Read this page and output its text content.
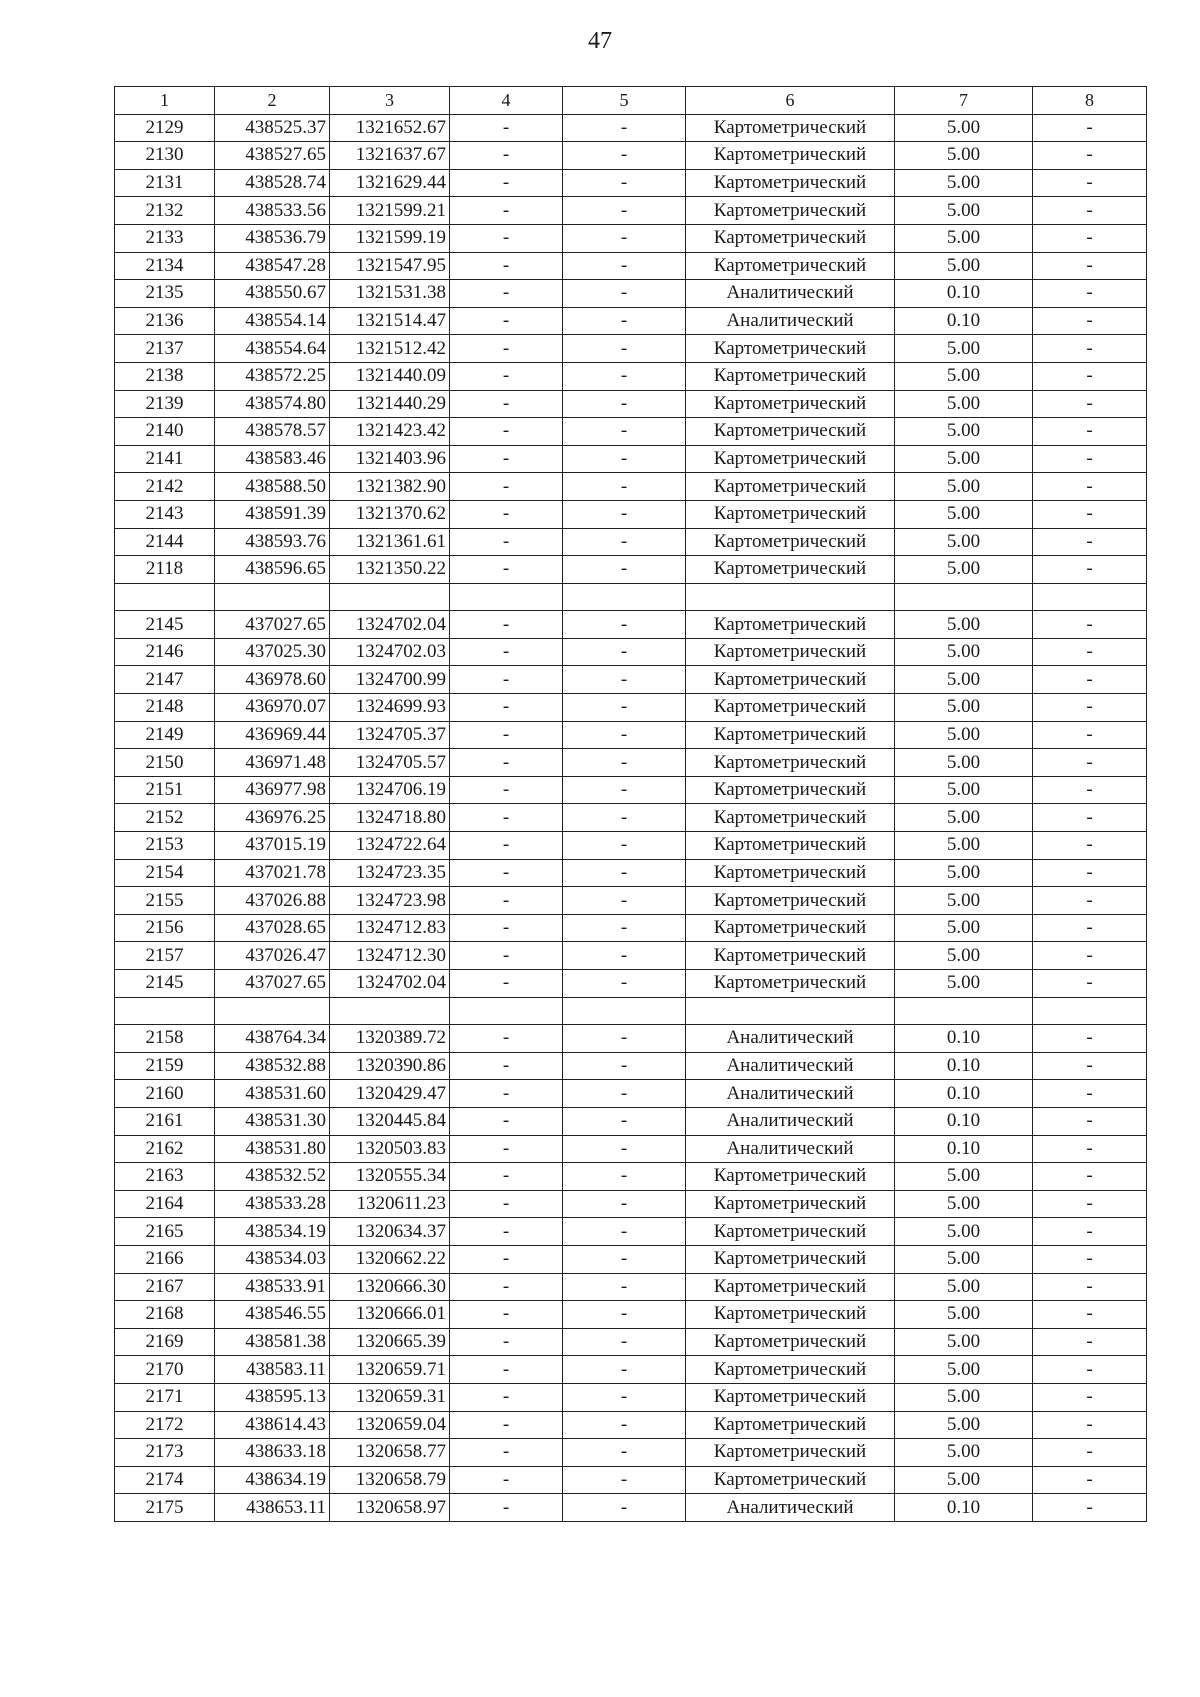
47
1	2	3	4	5	6	7	8
2129	438525.37	1321652.67	-	-	Картометрический	5.00	-
2130	438527.65	1321637.67	-	-	Картометрический	5.00	-
2131	438528.74	1321629.44	-	-	Картометрический	5.00	-
2132	438533.56	1321599.21	-	-	Картометрический	5.00	-
2133	438536.79	1321599.19	-	-	Картометрический	5.00	-
2134	438547.28	1321547.95	-	-	Картометрический	5.00	-
2135	438550.67	1321531.38	-	-	Аналитический	0.10	-
2136	438554.14	1321514.47	-	-	Аналитический	0.10	-
2137	438554.64	1321512.42	-	-	Картометрический	5.00	-
2138	438572.25	1321440.09	-	-	Картометрический	5.00	-
2139	438574.80	1321440.29	-	-	Картометрический	5.00	-
2140	438578.57	1321423.42	-	-	Картометрический	5.00	-
2141	438583.46	1321403.96	-	-	Картометрический	5.00	-
2142	438588.50	1321382.90	-	-	Картометрический	5.00	-
2143	438591.39	1321370.62	-	-	Картометрический	5.00	-
2144	438593.76	1321361.61	-	-	Картометрический	5.00	-
2118	438596.65	1321350.22	-	-	Картометрический	5.00	-

2145	437027.65	1324702.04	-	-	Картометрический	5.00	-
2146	437025.30	1324702.03	-	-	Картометрический	5.00	-
2147	436978.60	1324700.99	-	-	Картометрический	5.00	-
2148	436970.07	1324699.93	-	-	Картометрический	5.00	-
2149	436969.44	1324705.37	-	-	Картометрический	5.00	-
2150	436971.48	1324705.57	-	-	Картометрический	5.00	-
2151	436977.98	1324706.19	-	-	Картометрический	5.00	-
2152	436976.25	1324718.80	-	-	Картометрический	5.00	-
2153	437015.19	1324722.64	-	-	Картометрический	5.00	-
2154	437021.78	1324723.35	-	-	Картометрический	5.00	-
2155	437026.88	1324723.98	-	-	Картометрический	5.00	-
2156	437028.65	1324712.83	-	-	Картометрический	5.00	-
2157	437026.47	1324712.30	-	-	Картометрический	5.00	-
2145	437027.65	1324702.04	-	-	Картометрический	5.00	-

2158	438764.34	1320389.72	-	-	Аналитический	0.10	-
2159	438532.88	1320390.86	-	-	Аналитический	0.10	-
2160	438531.60	1320429.47	-	-	Аналитический	0.10	-
2161	438531.30	1320445.84	-	-	Аналитический	0.10	-
2162	438531.80	1320503.83	-	-	Аналитический	0.10	-
2163	438532.52	1320555.34	-	-	Картометрический	5.00	-
2164	438533.28	1320611.23	-	-	Картометрический	5.00	-
2165	438534.19	1320634.37	-	-	Картометрический	5.00	-
2166	438534.03	1320662.22	-	-	Картометрический	5.00	-
2167	438533.91	1320666.30	-	-	Картометрический	5.00	-
2168	438546.55	1320666.01	-	-	Картометрический	5.00	-
2169	438581.38	1320665.39	-	-	Картометрический	5.00	-
2170	438583.11	1320659.71	-	-	Картометрический	5.00	-
2171	438595.13	1320659.31	-	-	Картометрический	5.00	-
2172	438614.43	1320659.04	-	-	Картометрический	5.00	-
2173	438633.18	1320658.77	-	-	Картометрический	5.00	-
2174	438634.19	1320658.79	-	-	Картометрический	5.00	-
2175	438653.11	1320658.97	-	-	Аналитический	0.10	-
